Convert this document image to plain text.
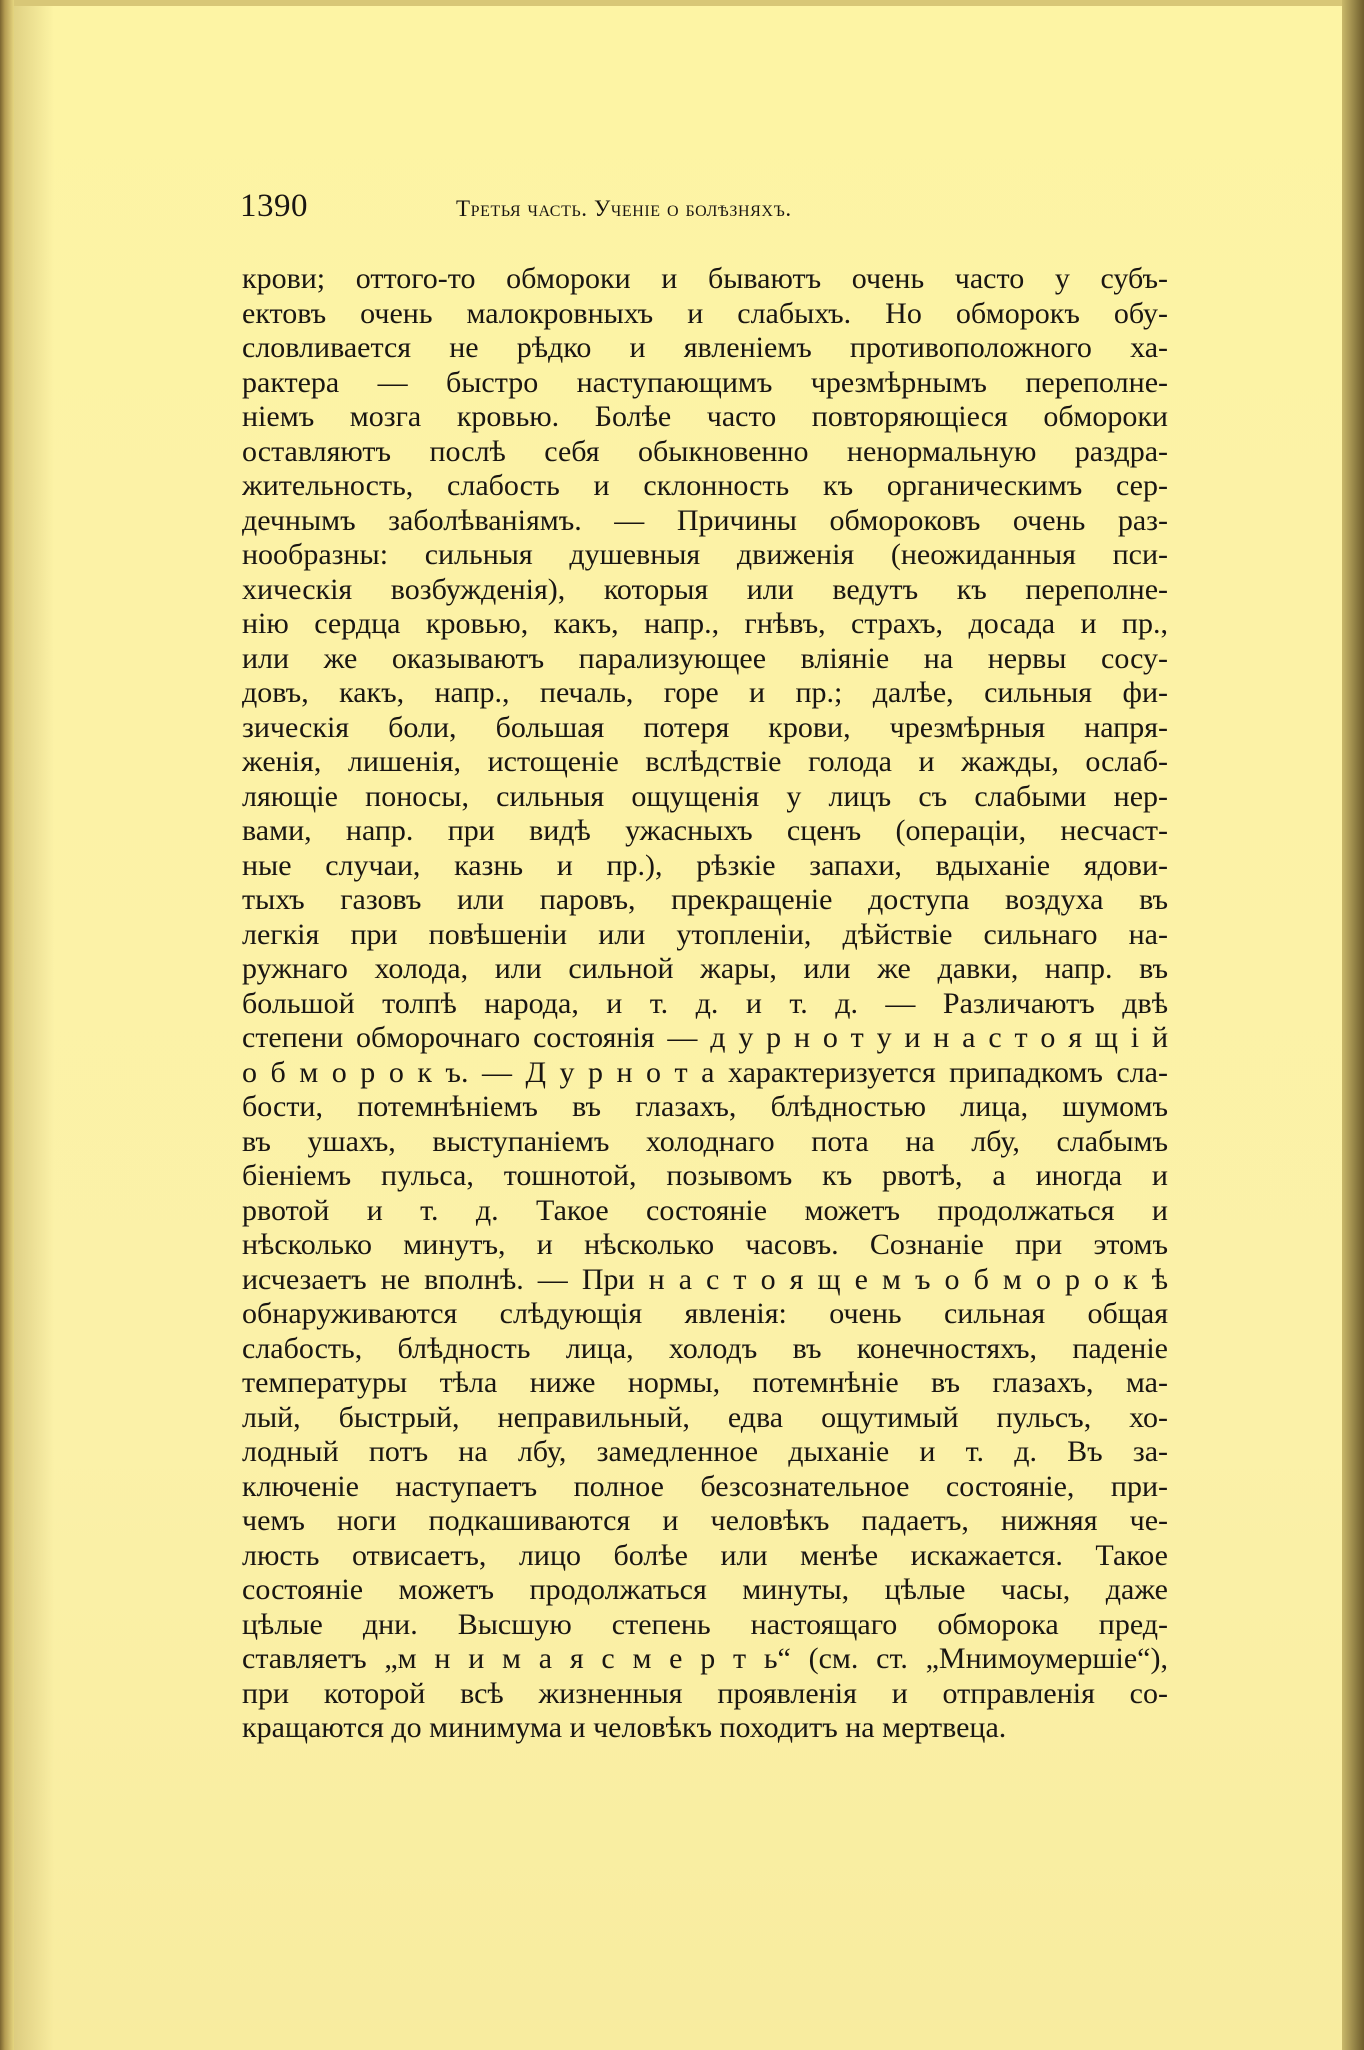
1390	Третья часть. Ученіе о болѣзняхъ.
крови; оттого-то обмороки и бываютъ очень часто у субъ-
ектовъ очень малокровныхъ и слабыхъ. Но обморокъ обу-
словливается не рѣдко и явленіемъ противоположного ха-
рактера — быстро наступающимъ чрезмѣрнымъ переполне-
ніемъ мозга кровью. Болѣе часто повторяющіеся обмороки
оставляютъ послѣ себя обыкновенно ненормальную раздра-
жительность, слабость и склонность къ органическимъ сер-
дечнымъ заболѣваніямъ. — Причины обмороковъ очень раз-
нообразны: сильныя душевныя движенія (неожиданныя пси-
хическія возбужденія), которыя или ведутъ къ переполне-
нію сердца кровью, какъ, напр., гнѣвъ, страхъ, досада и пр.,
или же оказываютъ парализующее вліяніе на нервы сосу-
довъ, какъ, напр., печаль, горе и пр.; далѣе, сильныя фи-
зическія боли, большая потеря крови, чрезмѣрныя напря-
женія, лишенія, истощеніе вслѣдствіе голода и жажды, ослаб-
ляющіе поносы, сильныя ощущенія у лицъ съ слабыми нер-
вами, напр. при видѣ ужасныхъ сценъ (операціи, несчаст-
ные случаи, казнь и пр.), рѣзкіе запахи, вдыханіе ядови-
тыхъ газовъ или паровъ, прекращеніе доступа воздуха въ
легкія при повѣшеніи или утопленіи, дѣйствіе сильнаго на-
ружнаго холода, или сильной жары, или же давки, напр. въ
большой толпѣ народа, и т. д. и т. д. — Различаютъ двѣ
степени обморочнаго состоянія — д у р н о т у и н а с т о я щ і й
о б м о р о к ъ. — Д у р н о т а характеризуется припадкомъ сла-
бости, потемнѣніемъ въ глазахъ, блѣдностью лица, шумомъ
въ ушахъ, выступаніемъ холоднаго пота на лбу, слабымъ
біеніемъ пульса, тошнотой, позывомъ къ рвотѣ, а иногда и
рвотой и т. д. Такое состояніе можетъ продолжаться и
нѣсколько минутъ, и нѣсколько часовъ. Сознаніе при этомъ
исчезаетъ не вполнѣ. — При н а с т о я щ е м ъ о б м о р о к ѣ
обнаруживаются слѣдующія явленія: очень сильная общая
слабость, блѣдность лица, холодъ въ конечностяхъ, паденіе
температуры тѣла ниже нормы, потемнѣніе въ глазахъ, ма-
лый, быстрый, неправильный, едва ощутимый пульсъ, хо-
лодный потъ на лбу, замедленное дыханіе и т. д. Въ за-
ключеніе наступаетъ полное безсознательное состояніе, при-
чемъ ноги подкашиваются и человѣкъ падаетъ, нижняя че-
люсть отвисаетъ, лицо болѣе или менѣе искажается. Такое
состояніе можетъ продолжаться минуты, цѣлые часы, даже
цѣлые дни. Высшую степень настоящаго обморока пред-
ставляетъ „м н и м а я с м е р т ь“ (см. ст. „Мнимоумершіе“),
при которой всѣ жизненныя проявленія и отправленія со-
кращаются до минимума и человѣкъ походитъ на мертвеца.
